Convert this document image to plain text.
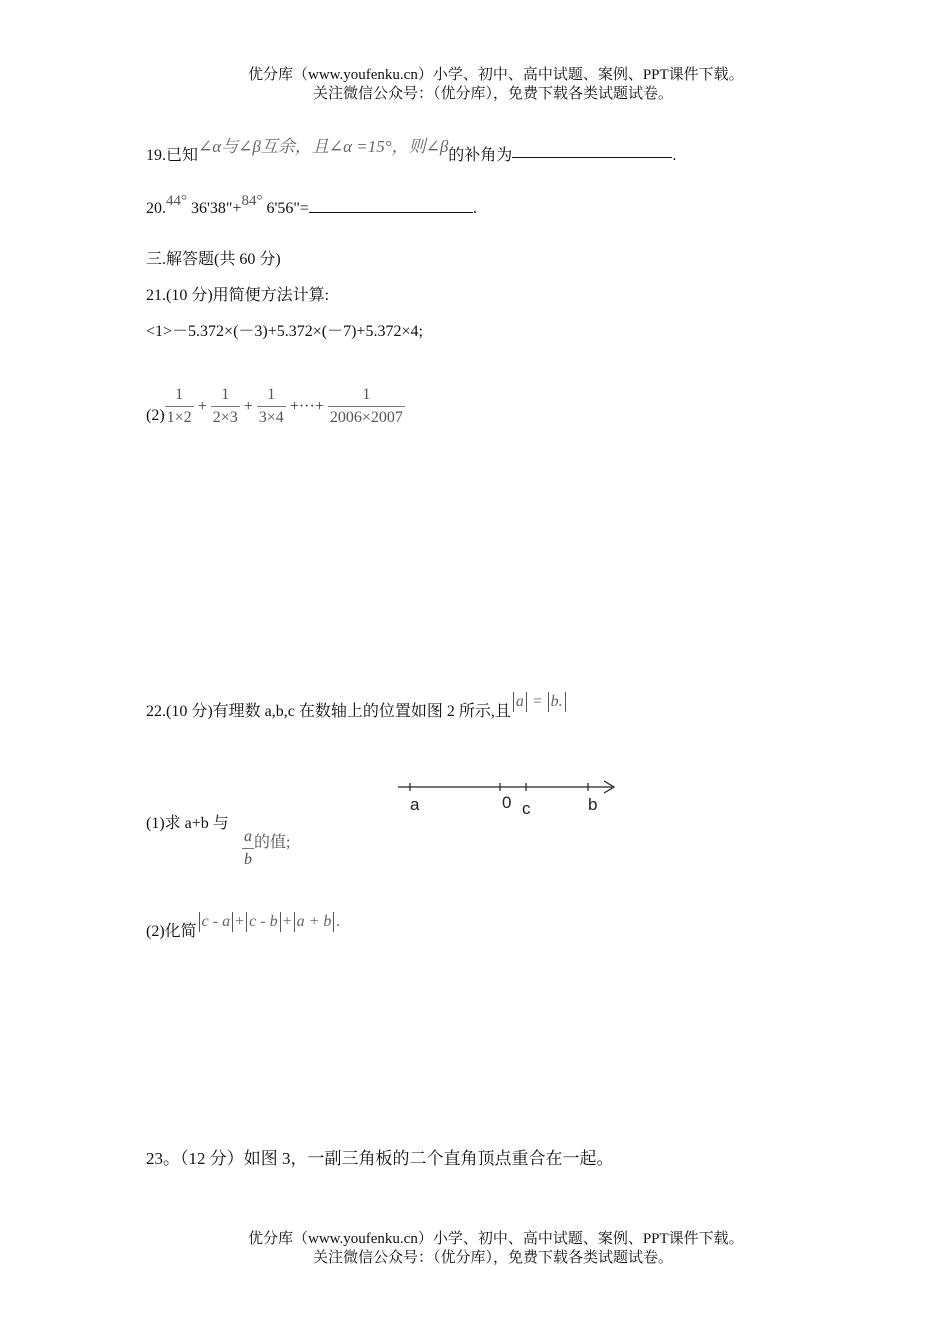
优分库（www.youfenku.cn）小学、初中、高中试题、案例、PPT课件下载。
关注微信公众号：（优分库），免费下载各类试题试卷。
19.已知∠α与∠β互余，且∠α =15°，则∠β的补角为	.
20.44° 36'38"+84° 6'56"=	.
三.解答题(共 60 分)
21.(10 分)用简便方法计算:
<1>－5.372×(－3)+5.372×(－7)+5.372×4;
$(2) \frac{1}{1\times 2} + \frac{1}{2\times 3} + \frac{1}{3\times 4}$ +···+ $\frac{1}{2006\times 2007}$
22.(10 分)有理数 a,b,c 在数轴上的位置如图 2 所示,且a = b.
a	0 c	b
(1)求 a+b 与
$\frac{a}{b}$ 的值;
(2)化简c - a + c - b + a + b .
23。（12 分）如图 3，一副三角板的二个直角顶点重合在一起。
优分库（www.youfenku.cn）小学、初中、高中试题、案例、PPT课件下载。
关注微信公众号：（优分库），免费下载各类试题试卷。
